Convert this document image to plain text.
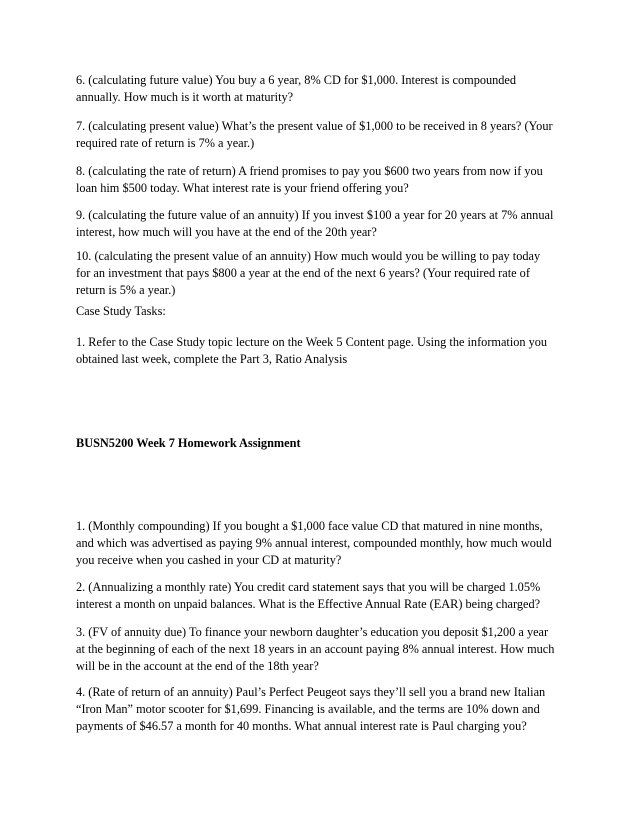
6. (calculating future value) You buy a 6 year, 8% CD for $1,000. Interest is compounded
annually. How much is it worth at maturity?

7. (calculating present value) What’s the present value of $1,000 to be received in 8 years? (Your
required rate of return is 7% a year.)

8. (calculating the rate of return) A friend promises to pay you $600 two years from now if you
loan him $500 today. What interest rate is your friend offering you?

9. (calculating the future value of an annuity) If you invest $100 a year for 20 years at 7% annual
interest, how much will you have at the end of the 20th year?

10. (calculating the present value of an annuity) How much would you be willing to pay today
for an investment that pays $800 a year at the end of the next 6 years? (Your required rate of
return is 5% a year.)

Case Study Tasks:

1. Refer to the Case Study topic lecture on the Week 5 Content page. Using the information you
obtained last week, complete the Part 3, Ratio Analysis

BUSN5200 Week 7 Homework Assignment

1. (Monthly compounding) If you bought a $1,000 face value CD that matured in nine months,
and which was advertised as paying 9% annual interest, compounded monthly, how much would
you receive when you cashed in your CD at maturity?

2. (Annualizing a monthly rate) You credit card statement says that you will be charged 1.05%
interest a month on unpaid balances. What is the Effective Annual Rate (EAR) being charged?

3. (FV of annuity due) To finance your newborn daughter’s education you deposit $1,200 a year
at the beginning of each of the next 18 years in an account paying 8% annual interest. How much
will be in the account at the end of the 18th year?

4. (Rate of return of an annuity) Paul’s Perfect Peugeot says they’ll sell you a brand new Italian
“Iron Man” motor scooter for $1,699. Financing is available, and the terms are 10% down and
payments of $46.57 a month for 40 months. What annual interest rate is Paul charging you?
